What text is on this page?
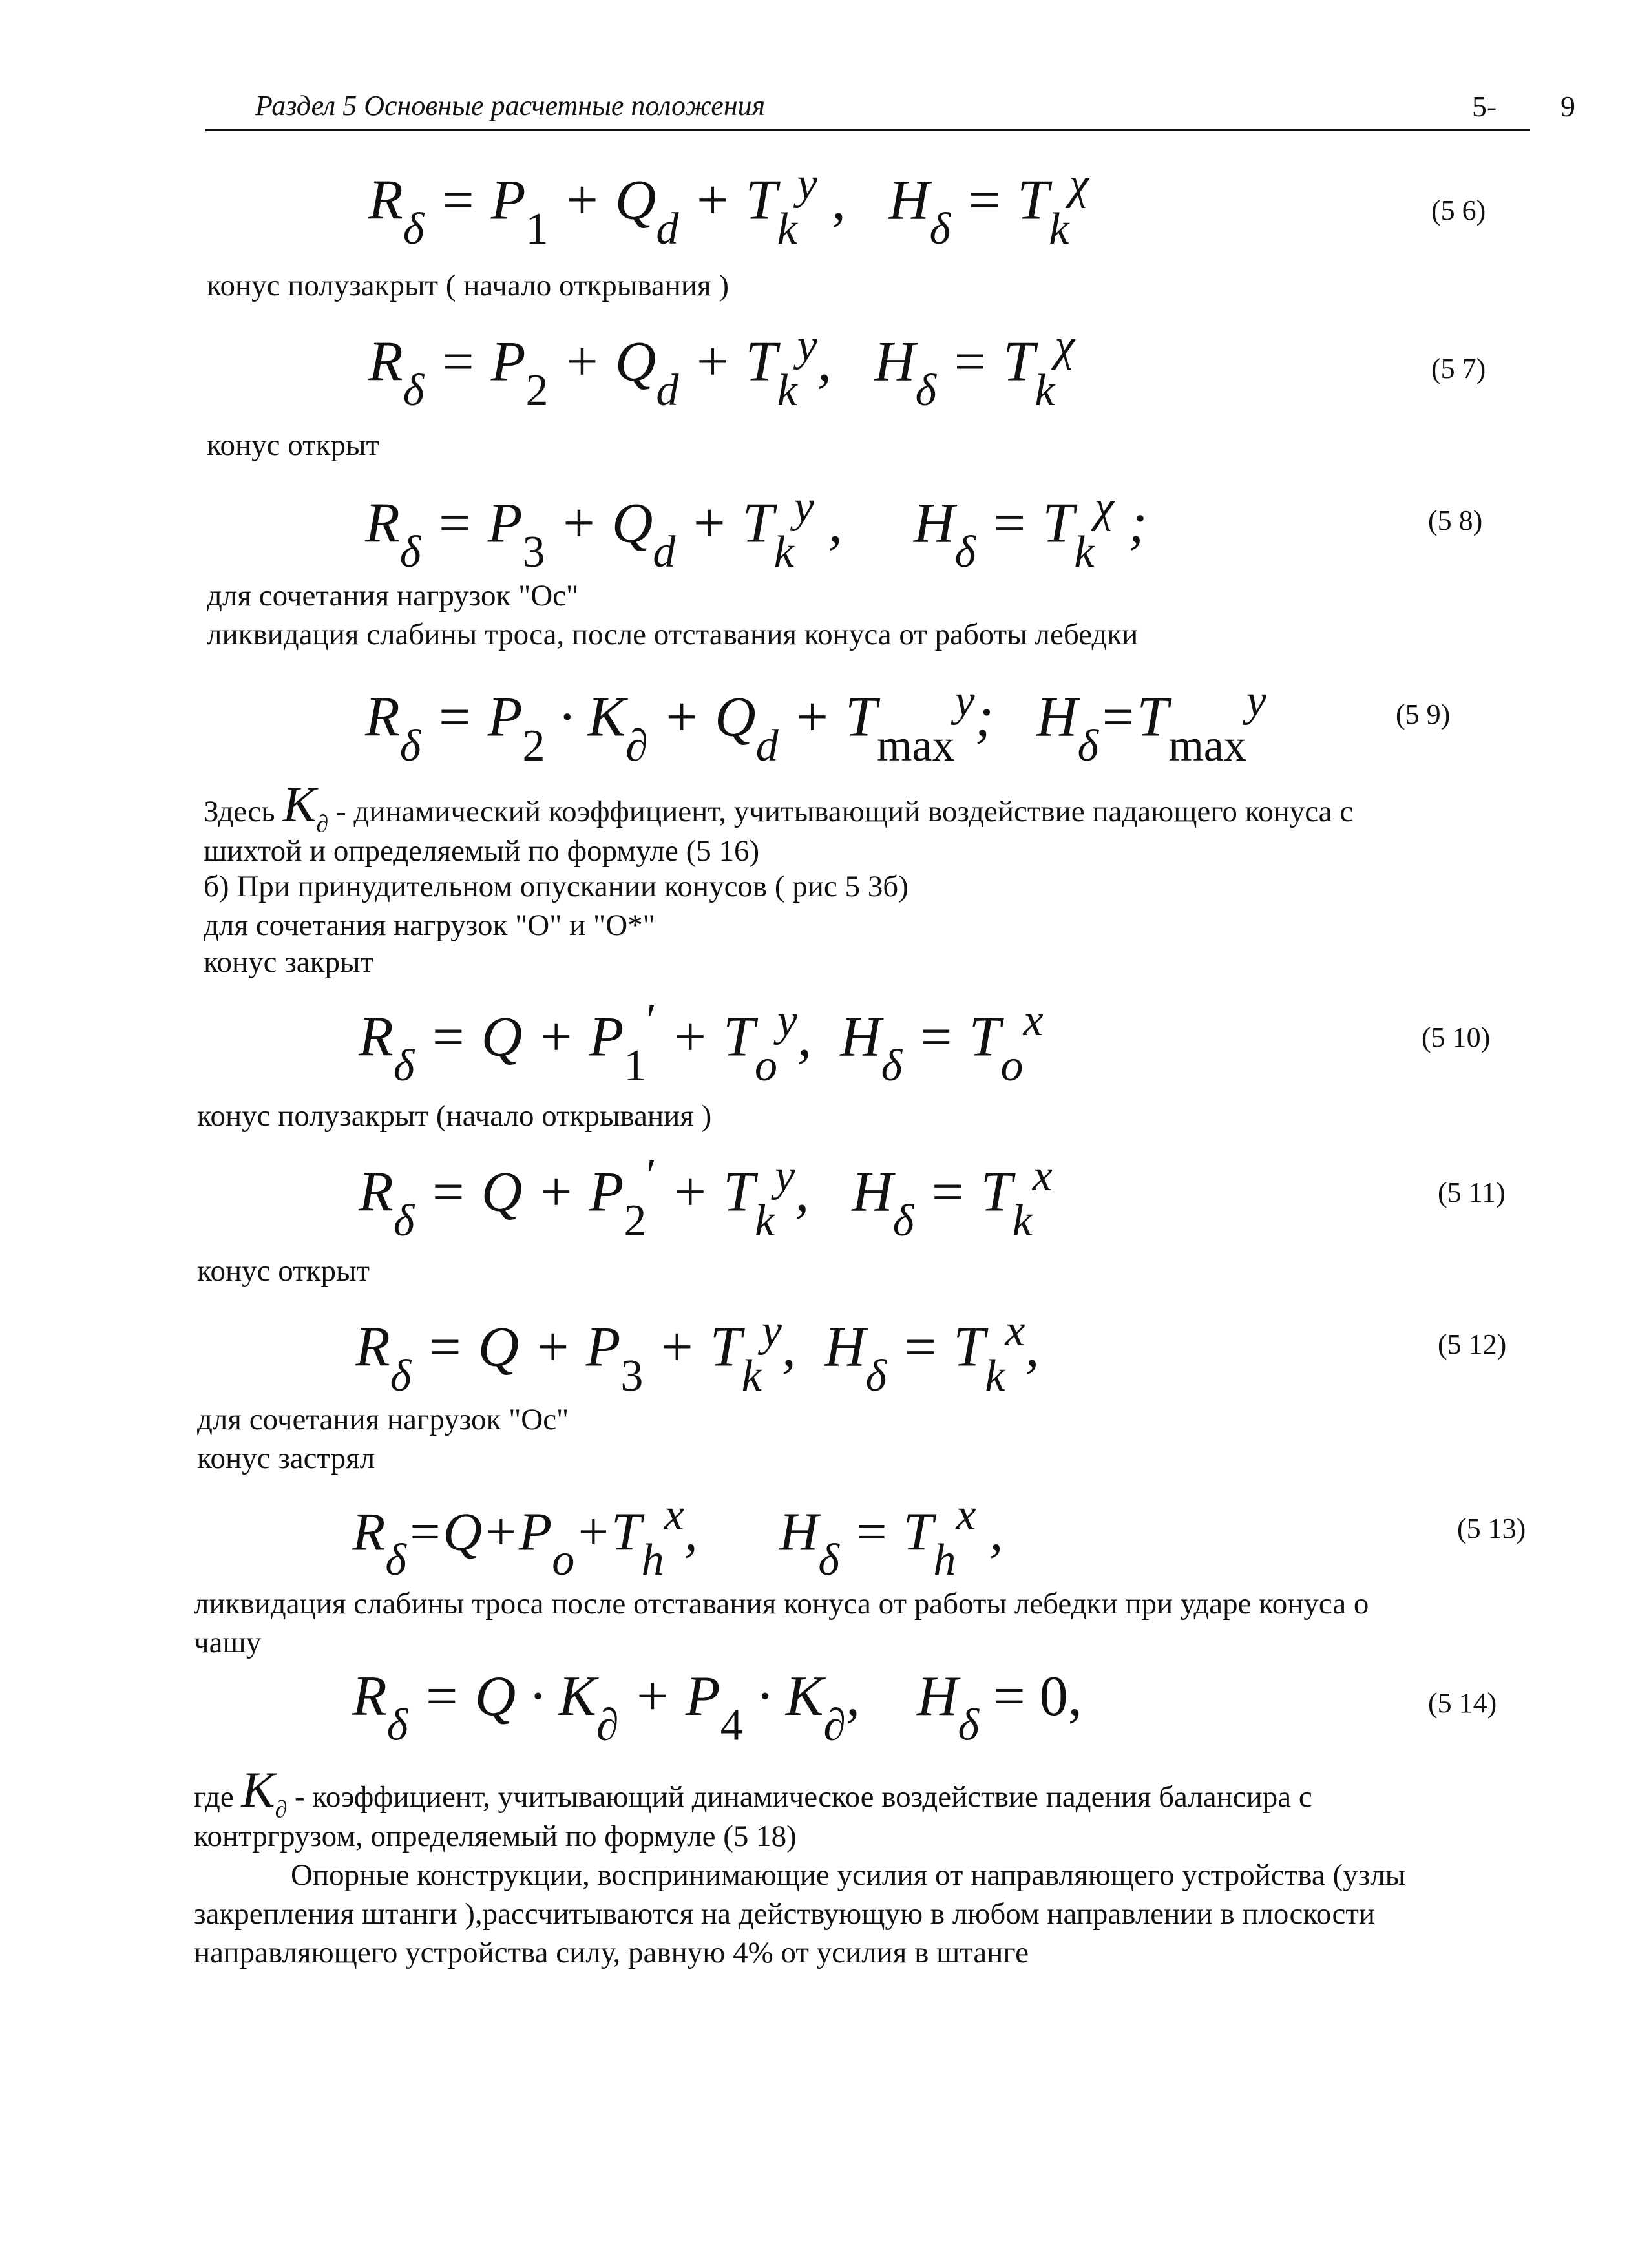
Раздел 5 Основные расчетные положения	5- 9
$R_\delta = P_1 + Q_d + T_k^y$ ,   $H_\delta = T_k^\chi$
(5 6)
конус полузакрыт ( начало открывания )
$R_\delta = P_2 + Q_d + T_k^y$,   $H_\delta = T_k^\chi$	(5 7)
конус открыт
$R_\delta = P_3 + Q_d + T_k^y$ ,     $H_\delta = T_k^\chi$ ;	(5 8)
для сочетания нагрузок "Ос"
ликвидация слабины троса, после отставания конуса от работы лебедки
$R_\delta = P_2 \cdot K_\partial + Q_d + T_{max}^y$;   $H_\delta=T_{max}^y$	(5 9)
Здесь $K_\partial$ - динамический коэффициент, учитывающий воздействие падающего конуса с
шихтой и определяемый по формуле (5 16)
б) При принудительном опускании конусов ( рис 5 3б)
для сочетания нагрузок "О" и "О*"
конус закрыт
$R_\delta = Q + P_1' + T_o^y$,  $H_\delta = T_o^x$	(5 10)
конус полузакрыт (начало открывания )
$R_\delta = Q + P_2' + T_k^y$,   $H_\delta = T_k^x$	(5 11)
конус открыт
$R_\delta = Q + P_3 + T_k^y$,  $H_\delta = T_k^x$,	(5 12)
для сочетания нагрузок "Ос"
конус застрял
$R_\delta=Q+P_o+T_h^x$,      $H_\delta = T_h^x$ ,	(5 13)
ликвидация слабины троса после отставания конуса от работы лебедки при ударе конуса о
чашу
$R_\delta = Q \cdot K_\partial + P_4 \cdot K_\partial$,    $H_\delta = 0$,	(5 14)
где $K_\partial$ - коэффициент, учитывающий динамическое воздействие падения балансира с
контргрузом, определяемый по формуле (5 18)
Опорные конструкции, воспринимающие усилия от направляющего устройства (узлы
закрепления штанги ),рассчитываются на действующую в любом направлении в плоскости
направляющего устройства силу, равную 4% от усилия в штанге
